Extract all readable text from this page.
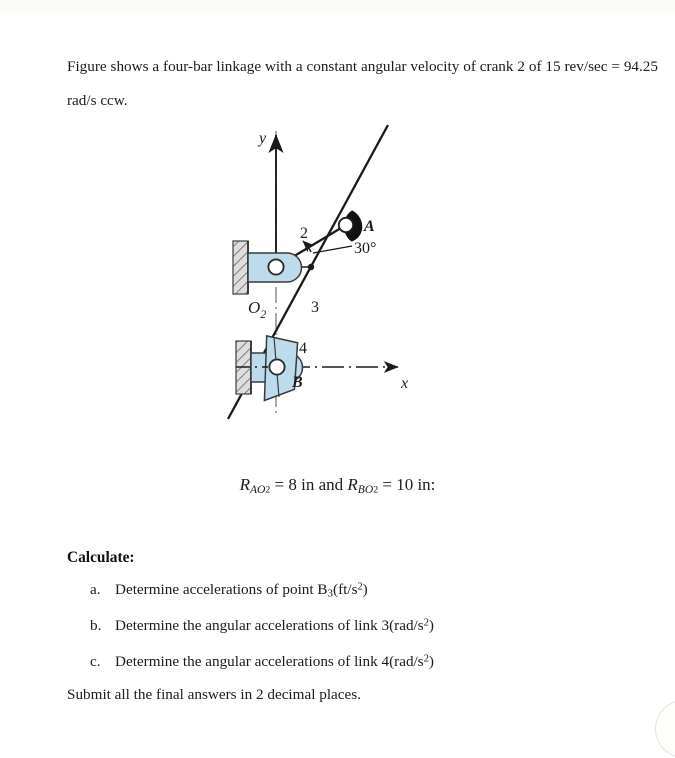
Figure shows a four-bar linkage with a constant angular velocity of crank 2 of 15 rev/sec = 94.25 rad/s ccw.

y
x
$O_2$
A
B
2
3
4
30°
$R_{AO}2 = 8$ in and $R_{BO}2 = 10$ in:
Calculate:
a. Determine accelerations of point $B3(ft/s^2)$
b. Determine the angular accelerations of link $3(rad/s^2)$
c. Determine the angular accelerations of link $4(rad/s^2)$
Submit all the final answers in 2 decimal places.
